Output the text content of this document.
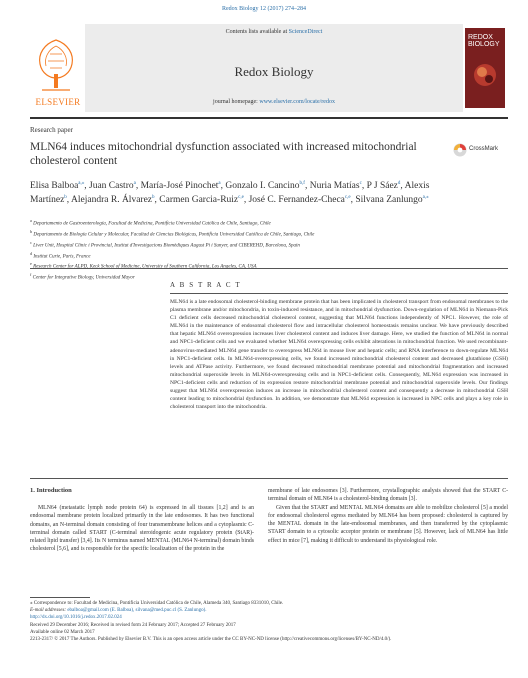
Redox Biology 12 (2017) 274–284
ELSEVIER
Contents lists available at ScienceDirect
Redox Biology
journal homepage: www.elsevier.com/locate/redox
REDOX BIOLOGY
Research paper
MLN64 induces mitochondrial dysfunction associated with increased mitochondrial cholesterol content
CrossMark
Elisa Balboa$^{a,⁎}$, Juan Castro$^a$, María-José Pinochet$^a$, Gonzalo I. Cancino$^{b,f}$, Nuria Matías$^c$, P J Sáez$^d$, Alexis Martínez$^b$, Alejandra R. Álvarez$^b$, Carmen Garcia-Ruiz$^{c,e}$, José C. Fernandez-Checa$^{c,e}$, Silvana Zanlungo$^{a,⁎}$
$^a$ Departamento de Gastroenterología, Facultad de Medicina, Pontificia Universidad Católica de Chile, Santiago, Chile
$^b$ Departamento de Biología Celular y Molecular, Facultad de Ciencias Biológicas, Pontificia Universidad Católica de Chile, Santiago, Chile
$^c$ Liver Unit, Hospital Clínic i Provincial, Institut d'Investigacions Biomèdiques August Pi i Sunyer, and CIBEREHD, Barcelona, Spain
$^d$ Institut Curie, Paris, France
$^e$ Research Center for ALPD, Keck School of Medicine, University of Southern California, Los Angeles, CA, USA
$^f$ Center for Integrative Biology, Universidad Mayor
A B S T R A C T
MLN64 is a late endosomal cholesterol-binding membrane protein that has been implicated in cholesterol transport from endosomal membranes to the plasma membrane and/or mitochondria, in toxin-induced resistance, and in mitochondrial dysfunction. Down-regulation of MLN64 in Niemann-Pick C1 deficient cells decreased mitochondrial cholesterol content, suggesting that MLN64 functions independently of NPC1. However, the role of MLN64 in the maintenance of endosomal cholesterol flow and intracellular cholesterol homeostasis remains unclear. We have previously described that hepatic MLN64 overexpression increases liver cholesterol content and induces liver damage. Here, we studied the function of MLN64 in normal and NPC1-deficient cells and we evaluated whether MLN64 overexpressing cells exhibit alterations in mitochondrial function. We used recombinant-adenovirus-mediated MLN64 gene transfer to overexpress MLN64 in mouse liver and hepatic cells; and RNA interference to down-regulate MLN64 in NPC1-deficient cells. In MLN64-overexpressing cells, we found increased mitochondrial cholesterol content and decreased glutathione (GSH) levels and ATPase activity. Furthermore, we found decreased mitochondrial membrane potential and mitochondrial fragmentation and increased mitochondrial superoxide levels in MLN64-overexpressing cells and in NPC1-deficient cells. Consequently, MLN64 expression was increased in NPC1-deficient cells and reduction of its expression restore mitochondrial membrane potential and mitochondrial superoxide levels. Our findings suggest that MLN64 overexpression induces an increase in mitochondrial cholesterol content and consequently a decrease in mitochondrial GSH content leading to mitochondrial dysfunction. In addition, we demonstrate that MLN64 expression is increased in NPC cells and plays a key role in cholesterol transport into the mitochondria.
1. Introduction
MLN64 (metastatic lymph node protein 64) is expressed in all tissues [1,2] and is an endosomal membrane protein localized primarily in the late endosomes. It has two functional domains, an N-terminal domain consisting of four transmembrane helices and a cytoplasmic C-terminal domain called START (C-terminal steroidogenic acute regulatory protein (StAR)-related lipid transfer) [3,4]. Its N terminus named MENTAL (MLN64 N-terminal) domain binds cholesterol [5,6], and is responsible for the specific localization of the protein in the
membrane of late endosomes [3]. Furthermore, crystallographic analysis showed that the START C- terminal domain of MLN64 is a cholesterol-binding domain [3].
Given that the START and MENTAL MLN64 domains are able to mobilize cholesterol [5] a model for endosomal cholesterol egress mediated by MLN64 has been proposed: cholesterol is captured by the MENTAL domain in the late-endosomal membranes, and then transferred by the cytoplasmic START domain to a cytosolic acceptor protein or membrane [5]. However, lack of MLN64 has little effect in mice [7], making it difficult to understand its physiological role.
⁎ Correspondence to: Facultad de Medicina, Pontificia Universidad Católica de Chile, Alameda 340, Santiago 8331010, Chile.
E-mail addresses: ebalboa@gmail.com (E. Balboa), silvana@med.puc.cl (S. Zanlungo).
http://dx.doi.org/10.1016/j.redox.2017.02.024
Received 29 December 2016; Received in revised form 24 February 2017; Accepted 27 February 2017
Available online 02 March 2017
2213-2317/ © 2017 The Authors. Published by Elsevier B.V. This is an open access article under the CC BY-NC-ND license (http://creativecommons.org/licenses/BY-NC-ND/4.0/).
